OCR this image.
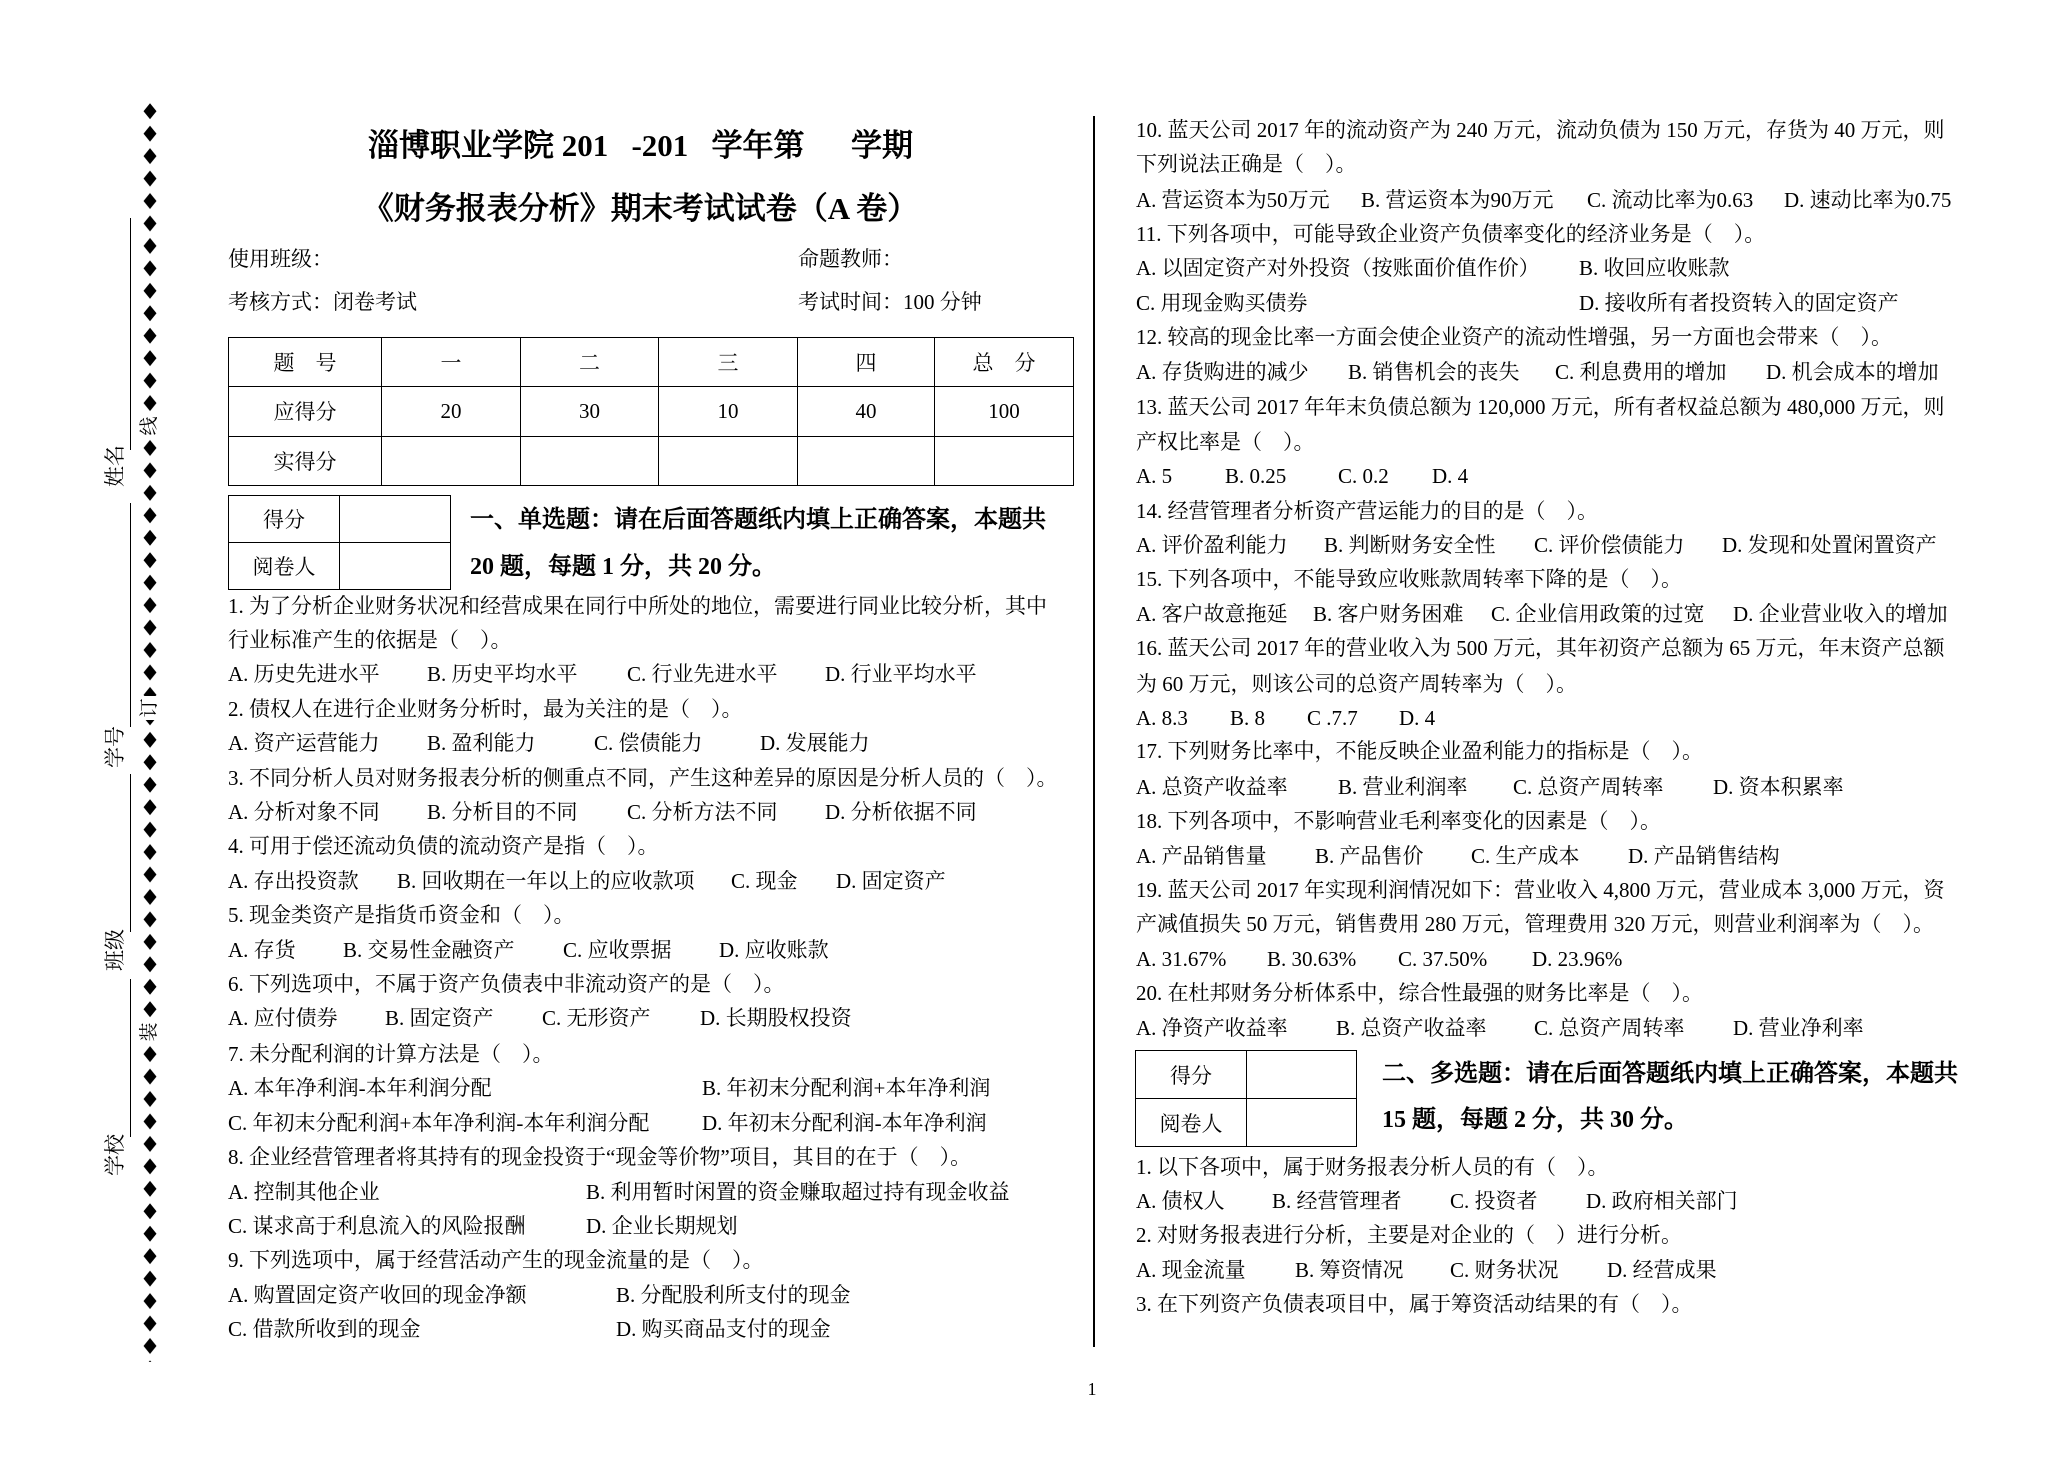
姓名
学号
班级
学校
线
订
装
淄博职业学院 201   -201   学年第      学期
《财务报表分析》期末考试试卷（A 卷）
使用班级：	命题教师：
考核方式：闭卷考试	考试时间：100 分钟
题    号	一	二	三	四	总    分
应得分	20	30	10	40	100
实得分					
得分	
阅卷人	
一、单选题：请在后面答题纸内填上正确答案，本题共
20 题，每题 1 分，共 20 分。
1. 为了分析企业财务状况和经营成果在同行中所处的地位，需要进行同业比较分析，其中
行业标准产生的依据是（    ）。
A. 历史先进水平 B. 历史平均水平 C. 行业先进水平 D. 行业平均水平
2. 债权人在进行企业财务分析时，最为关注的是（    ）。
A. 资产运营能力 B. 盈利能力	C. 偿债能力	D. 发展能力
3. 不同分析人员对财务报表分析的侧重点不同，产生这种差异的原因是分析人员的（    ）。
A. 分析对象不同 B. 分析目的不同 C. 分析方法不同 D. 分析依据不同
4. 可用于偿还流动负债的流动资产是指（    ）。
A. 存出投资款 B. 回收期在一年以上的应收款项 C. 现金 D. 固定资产
5. 现金类资产是指货币资金和（    ）。
A. 存货 B. 交易性金融资产 C. 应收票据 D. 应收账款
6. 下列选项中，不属于资产负债表中非流动资产的是（    ）。
A. 应付债券 B. 固定资产 C. 无形资产 D. 长期股权投资
7. 未分配利润的计算方法是（    ）。
A. 本年净利润-本年利润分配	B. 年初末分配利润+本年净利润
C. 年初末分配利润+本年净利润-本年利润分配	D. 年初末分配利润-本年净利润
8. 企业经营管理者将其持有的现金投资于“现金等价物”项目，其目的在于（    ）。
A. 控制其他企业	B. 利用暂时闲置的资金赚取超过持有现金收益
C. 谋求高于利息流入的风险报酬	D. 企业长期规划
9. 下列选项中，属于经营活动产生的现金流量的是（    ）。
A. 购置固定资产收回的现金净额	B. 分配股利所支付的现金
C. 借款所收到的现金	D. 购买商品支付的现金
10. 蓝天公司 2017 年的流动资产为 240 万元，流动负债为 150 万元，存货为 40 万元，则
下列说法正确是（    ）。
A. 营运资本为50万元 B. 营运资本为90万元 C. 流动比率为0.63 D. 速动比率为0.75
11. 下列各项中，可能导致企业资产负债率变化的经济业务是（    ）。
A. 以固定资产对外投资（按账面价值作价） B. 收回应收账款
C. 用现金购买债券	D. 接收所有者投资转入的固定资产
12. 较高的现金比率一方面会使企业资产的流动性增强，另一方面也会带来（    ）。
A. 存货购进的减少 B. 销售机会的丧失 C. 利息费用的增加 D. 机会成本的增加
13. 蓝天公司 2017 年年末负债总额为 120,000 万元，所有者权益总额为 480,000 万元，则
产权比率是（    ）。
A. 5	B. 0.25 C. 0.2 D. 4
14. 经营管理者分析资产营运能力的目的是（    ）。
A. 评价盈利能力 B. 判断财务安全性 C. 评价偿债能力 D. 发现和处置闲置资产
15. 下列各项中，不能导致应收账款周转率下降的是（    ）。
A. 客户故意拖延 B. 客户财务困难 C. 企业信用政策的过宽 D. 企业营业收入的增加
16. 蓝天公司 2017 年的营业收入为 500 万元，其年初资产总额为 65 万元，年末资产总额
为 60 万元，则该公司的总资产周转率为（    ）。
A. 8.3 B. 8 C .7.7 D. 4
17. 下列财务比率中，不能反映企业盈利能力的指标是（    ）。
A. 总资产收益率 B. 营业利润率 C. 总资产周转率 D. 资本积累率
18. 下列各项中，不影响营业毛利率变化的因素是（    ）。
A. 产品销售量 B. 产品售价 C. 生产成本 D. 产品销售结构
19. 蓝天公司 2017 年实现利润情况如下：营业收入 4,800 万元，营业成本 3,000 万元，资
产减值损失 50 万元，销售费用 280 万元，管理费用 320 万元，则营业利润率为（    ）。
A. 31.67% B. 30.63% C. 37.50% D. 23.96%
20. 在杜邦财务分析体系中，综合性最强的财务比率是（    ）。
A. 净资产收益率 B. 总资产收益率 C. 总资产周转率 D. 营业净利率
得分	
阅卷人	
二、多选题：请在后面答题纸内填上正确答案，本题共
15 题，每题 2 分，共 30 分。
1. 以下各项中，属于财务报表分析人员的有（    ）。
A. 债权人 B. 经营管理者 C. 投资者 D. 政府相关部门
2. 对财务报表进行分析，主要是对企业的（    ）进行分析。
A. 现金流量 B. 筹资情况 C. 财务状况 D. 经营成果
3. 在下列资产负债表项目中，属于筹资活动结果的有（    ）。
1
